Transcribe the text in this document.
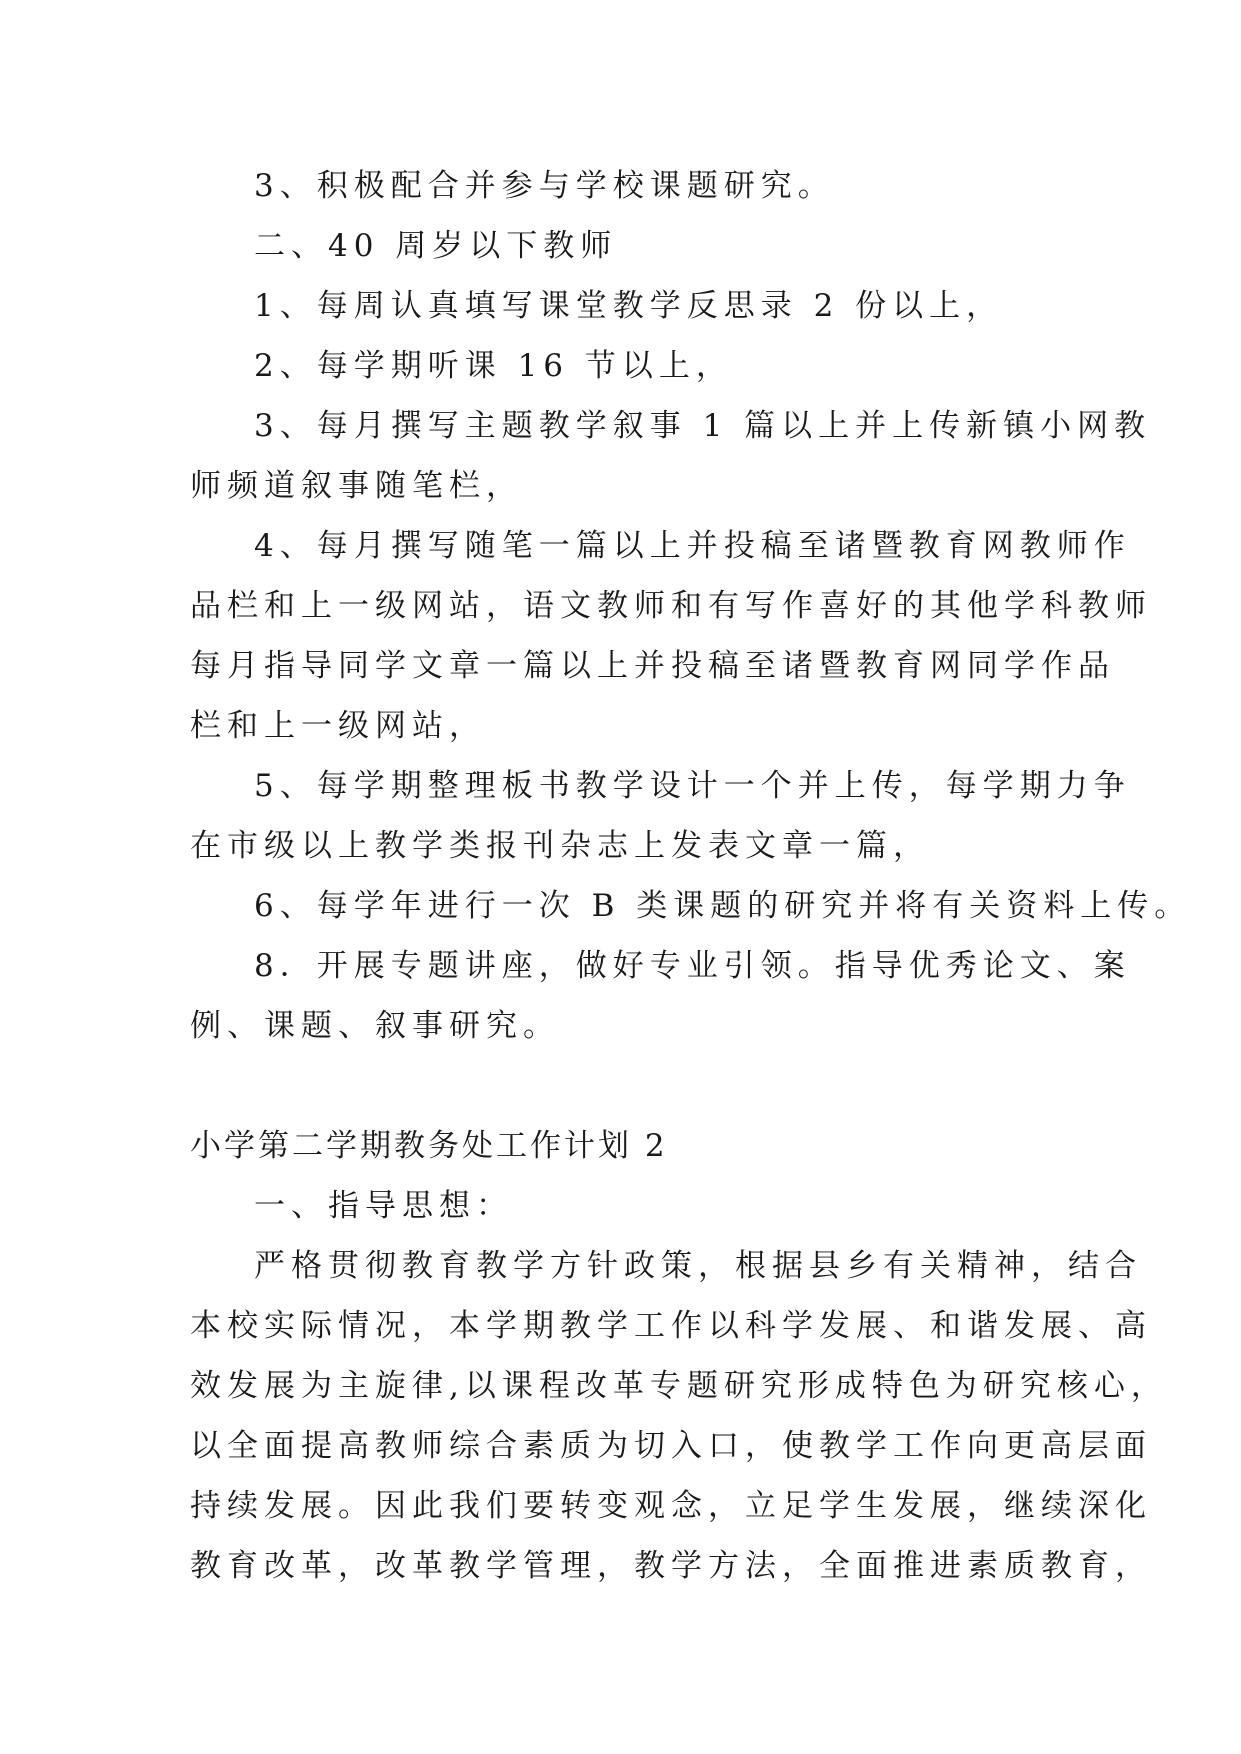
3、积极配合并参与学校课题研究。
二、40 周岁以下教师
1、每周认真填写课堂教学反思录 2 份以上，
2、每学期听课 16 节以上，
3、每月撰写主题教学叙事 1 篇以上并上传新镇小网教
师频道叙事随笔栏，
4、每月撰写随笔一篇以上并投稿至诸暨教育网教师作
品栏和上一级网站，语文教师和有写作喜好的其他学科教师
每月指导同学文章一篇以上并投稿至诸暨教育网同学作品
栏和上一级网站，
5、每学期整理板书教学设计一个并上传，每学期力争
在市级以上教学类报刊杂志上发表文章一篇，
6、每学年进行一次 B 类课题的研究并将有关资料上传。
8．开展专题讲座，做好专业引领。指导优秀论文、案
例、课题、叙事研究。
小学第二学期教务处工作计划 2
一、指导思想：
严格贯彻教育教学方针政策，根据县乡有关精神，结合
本校实际情况，本学期教学工作以科学发展、和谐发展、高
效发展为主旋律,以课程改革专题研究形成特色为研究核心，
以全面提高教师综合素质为切入口，使教学工作向更高层面
持续发展。因此我们要转变观念，立足学生发展，继续深化
教育改革，改革教学管理，教学方法，全面推进素质教育，
